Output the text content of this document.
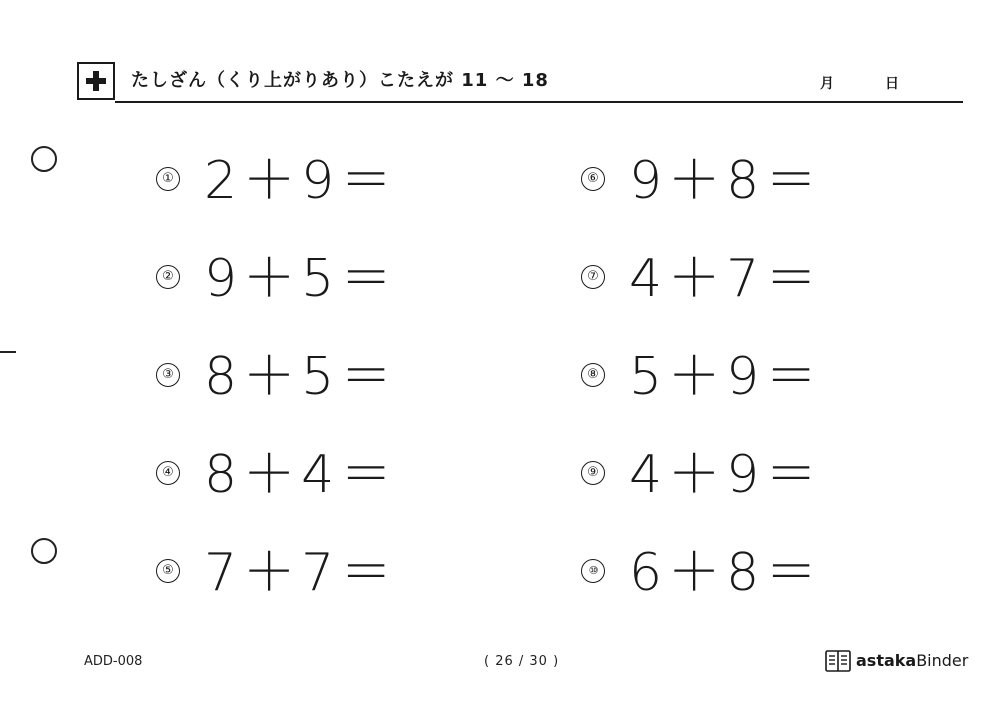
たしざん（くり上がりあり）こたえが 11 ～ 18	月	日
① 2＋9＝
② 9＋5＝
③ 8＋5＝
④ 8＋4＝
⑤ 7＋7＝
⑥ 9＋8＝
⑦ 4＋7＝
⑧ 5＋9＝
⑨ 4＋9＝
⑩ 6＋8＝
ADD-008	( 26 / 30 )	astakaBinder
